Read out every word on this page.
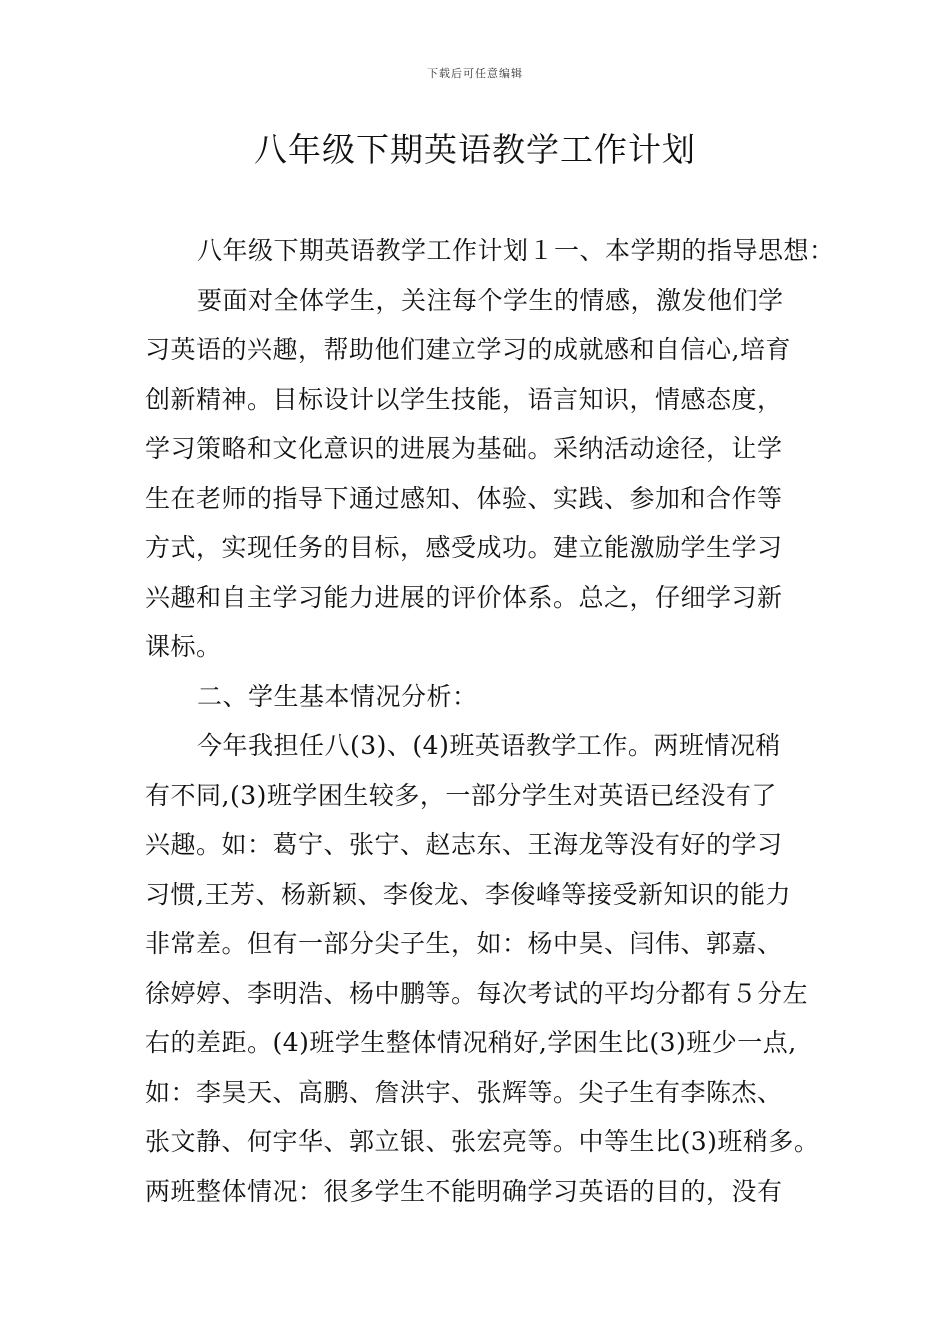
下载后可任意编辑
八年级下期英语教学工作计划
八年级下期英语教学工作计划１一、本学期的指导思想：
要面对全体学生，关注每个学生的情感，激发他们学
习英语的兴趣，帮助他们建立学习的成就感和自信心,培育
创新精神。目标设计以学生技能，语言知识，情感态度，
学习策略和文化意识的进展为基础。采纳活动途径，让学
生在老师的指导下通过感知、体验、实践、参加和合作等
方式，实现任务的目标，感受成功。建立能激励学生学习
兴趣和自主学习能力进展的评价体系。总之，仔细学习新
课标。
二、学生基本情况分析：
今年我担任八(3)、(4)班英语教学工作。两班情况稍
有不同,(3)班学困生较多，一部分学生对英语已经没有了
兴趣。如：葛宁、张宁、赵志东、王海龙等没有好的学习
习惯,王芳、杨新颖、李俊龙、李俊峰等接受新知识的能力
非常差。但有一部分尖子生，如：杨中昊、闫伟、郭嘉、
徐婷婷、李明浩、杨中鹏等。每次考试的平均分都有５分左
右的差距。(4)班学生整体情况稍好,学困生比(3)班少一点,
如：李昊天、高鹏、詹洪宇、张辉等。尖子生有李陈杰、
张文静、何宇华、郭立银、张宏亮等。中等生比(3)班稍多。
两班整体情况：很多学生不能明确学习英语的目的，没有
